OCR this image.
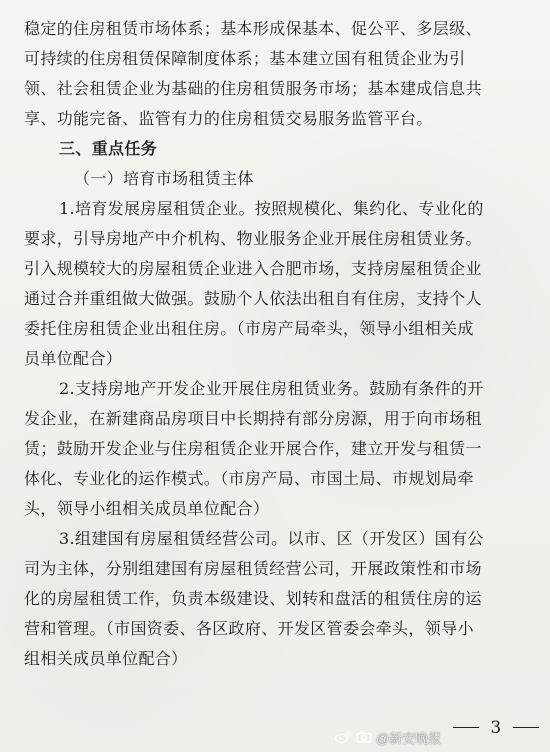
稳定的住房租赁市场体系；基本形成保基本、促公平、多层级、

可持续的住房租赁保障制度体系；基本建立国有租赁企业为引

领、社会租赁企业为基础的住房租赁服务市场；基本建成信息共

享、功能完备、监管有力的住房租赁交易服务监管平台。

三、重点任务

（一）培育市场租赁主体

1.培育发展房屋租赁企业。按照规模化、集约化、专业化的

要求，引导房地产中介机构、物业服务企业开展住房租赁业务。

引入规模较大的房屋租赁企业进入合肥市场，支持房屋租赁企业

通过合并重组做大做强。鼓励个人依法出租自有住房，支持个人

委托住房租赁企业出租住房。（市房产局牵头，领导小组相关成

员单位配合）

2.支持房地产开发企业开展住房租赁业务。鼓励有条件的开

发企业，在新建商品房项目中长期持有部分房源，用于向市场租

赁；鼓励开发企业与住房租赁企业开展合作，建立开发与租赁一

体化、专业化的运作模式。（市房产局、市国土局、市规划局牵

头，领导小组相关成员单位配合）

3.组建国有房屋租赁经营公司。以市、区（开发区）国有公

司为主体，分别组建国有房屋租赁经营公司，开展政策性和市场

化的房屋租赁工作，负责本级建设、划转和盘活的租赁住房的运

营和管理。（市国资委、各区政府、开发区管委会牵头，领导小

组相关成员单位配合）

3
@新安晚报
